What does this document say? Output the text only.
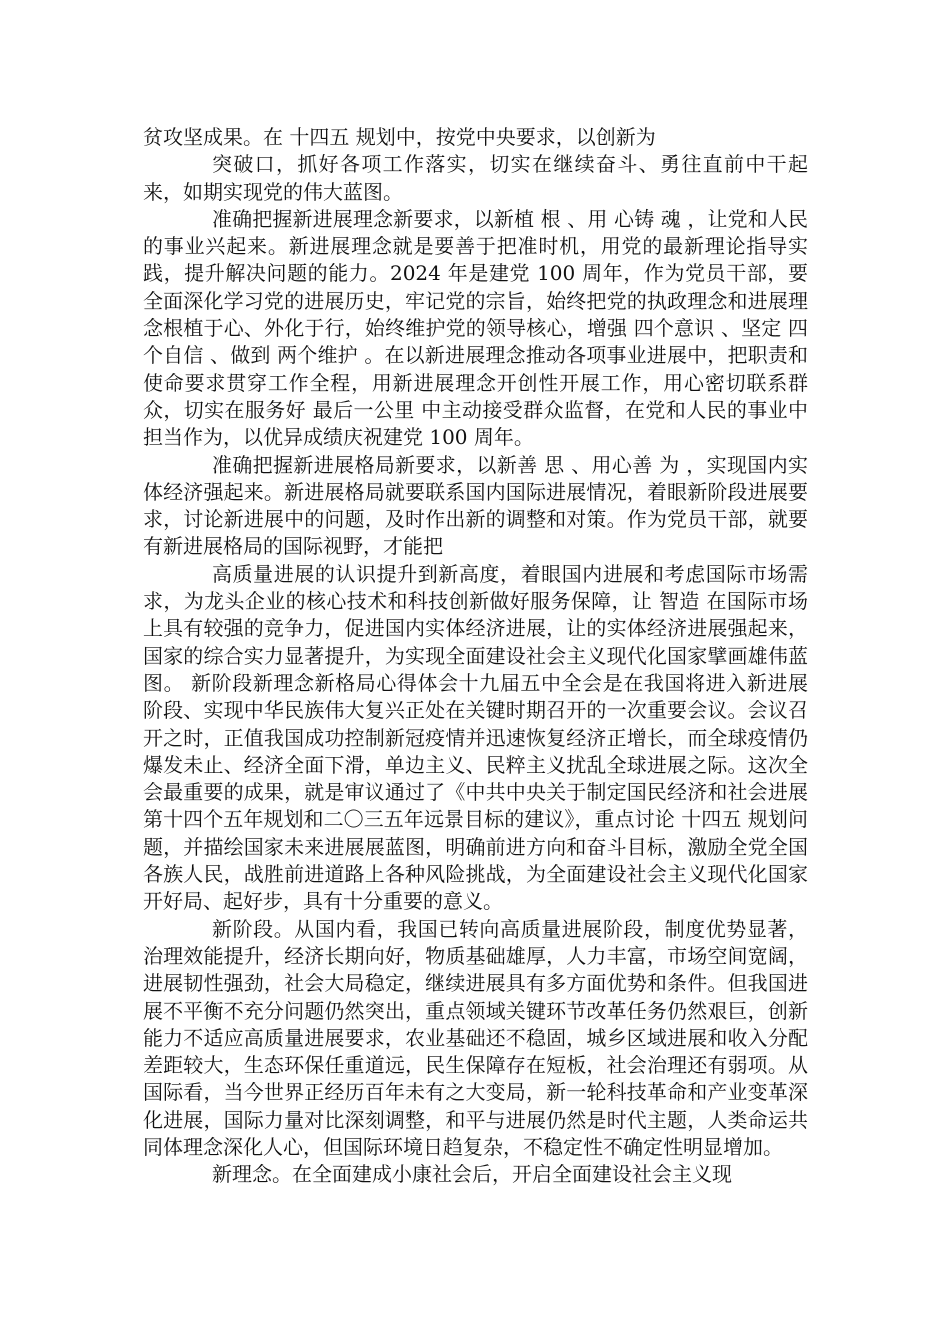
贫攻坚成果。在 十四五 规划中，按党中央要求，以创新为

突破口，抓好各项工作落实，切实在继续奋斗、勇往直前中干起来，如期实现党的伟大蓝图。

准确把握新进展理念新要求，以新植 根 、用 心铸 魂 ，让党和人民的事业兴起来。新进展理念就是要善于把准时机，用党的最新理论指导实践，提升解决问题的能力。2024 年是建党 100 周年，作为党员干部，要全面深化学习党的进展历史，牢记党的宗旨，始终把党的执政理念和进展理念根植于心、外化于行，始终维护党的领导核心，增强 四个意识 、坚定 四个自信 、做到 两个维护 。在以新进展理念推动各项事业进展中，把职责和使命要求贯穿工作全程，用新进展理念开创性开展工作，用心密切联系群众，切实在服务好 最后一公里 中主动接受群众监督，在党和人民的事业中担当作为，以优异成绩庆祝建党 100 周年。

准确把握新进展格局新要求，以新善 思 、用心善 为 ，实现国内实体经济强起来。新进展格局就要联系国内国际进展情况，着眼新阶段进展要求，讨论新进展中的问题，及时作出新的调整和对策。作为党员干部，就要有新进展格局的国际视野，才能把

高质量进展的认识提升到新高度，着眼国内进展和考虑国际市场需求，为龙头企业的核心技术和科技创新做好服务保障，让 智造 在国际市场上具有较强的竞争力，促进国内实体经济进展，让的实体经济进展强起来，国家的综合实力显著提升，为实现全面建设社会主义现代化国家擘画雄伟蓝图。 新阶段新理念新格局心得体会十九届五中全会是在我国将进入新进展阶段、实现中华民族伟大复兴正处在关键时期召开的一次重要会议。会议召开之时，正值我国成功控制新冠疫情并迅速恢复经济正增长，而全球疫情仍爆发未止、经济全面下滑，单边主义、民粹主义扰乱全球进展之际。这次全会最重要的成果，就是审议通过了《中共中央关于制定国民经济和社会进展第十四个五年规划和二〇三五年远景目标的建议》，重点讨论 十四五 规划问题，并描绘国家未来进展展蓝图，明确前进方向和奋斗目标，激励全党全国各族人民，战胜前进道路上各种风险挑战，为全面建设社会主义现代化国家开好局、起好步，具有十分重要的意义。

新阶段。从国内看，我国已转向高质量进展阶段，制度优势显著，治理效能提升，经济长期向好，物质基础雄厚，人力丰富，市场空间宽阔，进展韧性强劲，社会大局稳定，继续进展具有多方面优势和条件。但我国进展不平衡不充分问题仍然突出，重点领域关键环节改革任务仍然艰巨，创新能力不适应高质量进展要求，农业基础还不稳固，城乡区域进展和收入分配差距较大，生态环保任重道远，民生保障存在短板，社会治理还有弱项。从国际看，当今世界正经历百年未有之大变局，新一轮科技革命和产业变革深化进展，国际力量对比深刻调整，和平与进展仍然是时代主题，人类命运共同体理念深化人心，但国际环境日趋复杂，不稳定性不确定性明显增加。

新理念。在全面建成小康社会后，开启全面建设社会主义现
